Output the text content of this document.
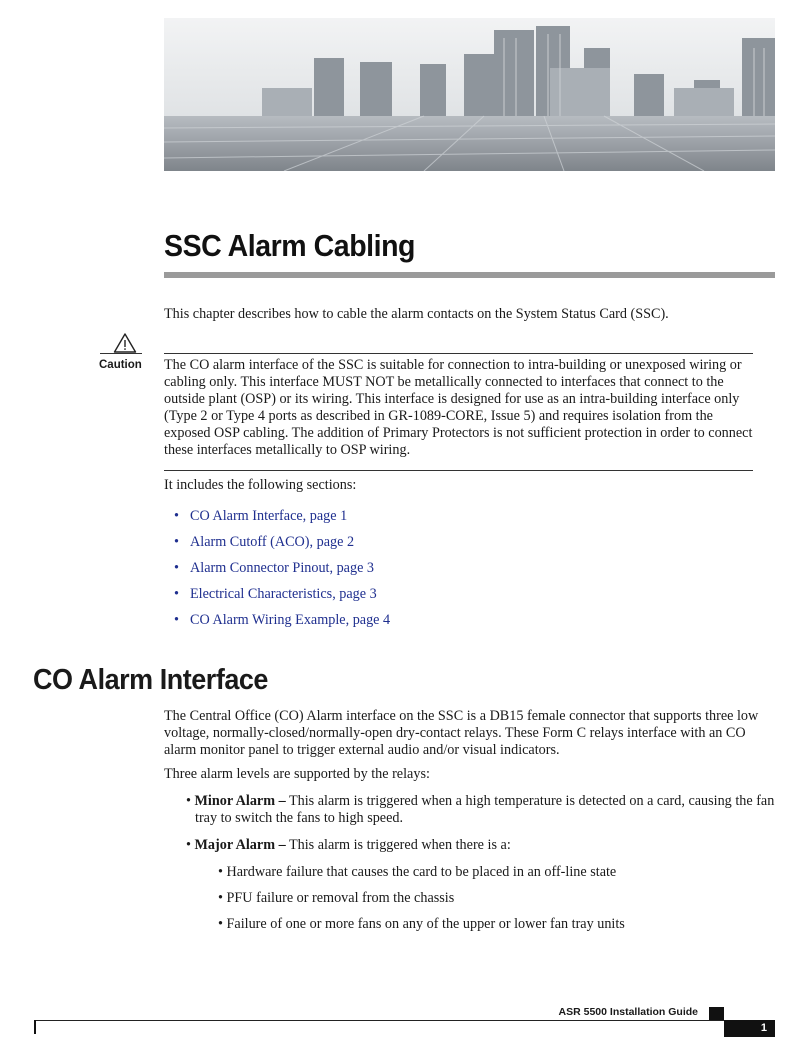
SSC Alarm Cabling

This chapter describes how to cable the alarm contacts on the System Status Card (SSC).

Caution The CO alarm interface of the SSC is suitable for connection to intra-building or unexposed wiring or cabling only. This interface MUST NOT be metallically connected to interfaces that connect to the outside plant (OSP) or its wiring. This interface is designed for use as an intra-building interface only (Type 2 or Type 4 ports as described in GR-1089-CORE, Issue 5) and requires isolation from the exposed OSP cabling. The addition of Primary Protectors is not sufficient protection in order to connect these interfaces metallically to OSP wiring.

It includes the following sections:

• CO Alarm Interface, page 1
• Alarm Cutoff (ACO), page 2
• Alarm Connector Pinout, page 3
• Electrical Characteristics, page 3
• CO Alarm Wiring Example, page 4
CO Alarm Interface

The Central Office (CO) Alarm interface on the SSC is a DB15 female connector that supports three low voltage, normally-closed/normally-open dry-contact relays. These Form C relays interface with an CO alarm monitor panel to trigger external audio and/or visual indicators.

Three alarm levels are supported by the relays:

• Minor Alarm – This alarm is triggered when a high temperature is detected on a card, causing the fan
tray to switch the fans to high speed.

• Major Alarm – This alarm is triggered when there is a:

• Hardware failure that causes the card to be placed in an off-line state

• PFU failure or removal from the chassis

• Failure of one or more fans on any of the upper or lower fan tray units

ASR 5500 Installation Guide
1
